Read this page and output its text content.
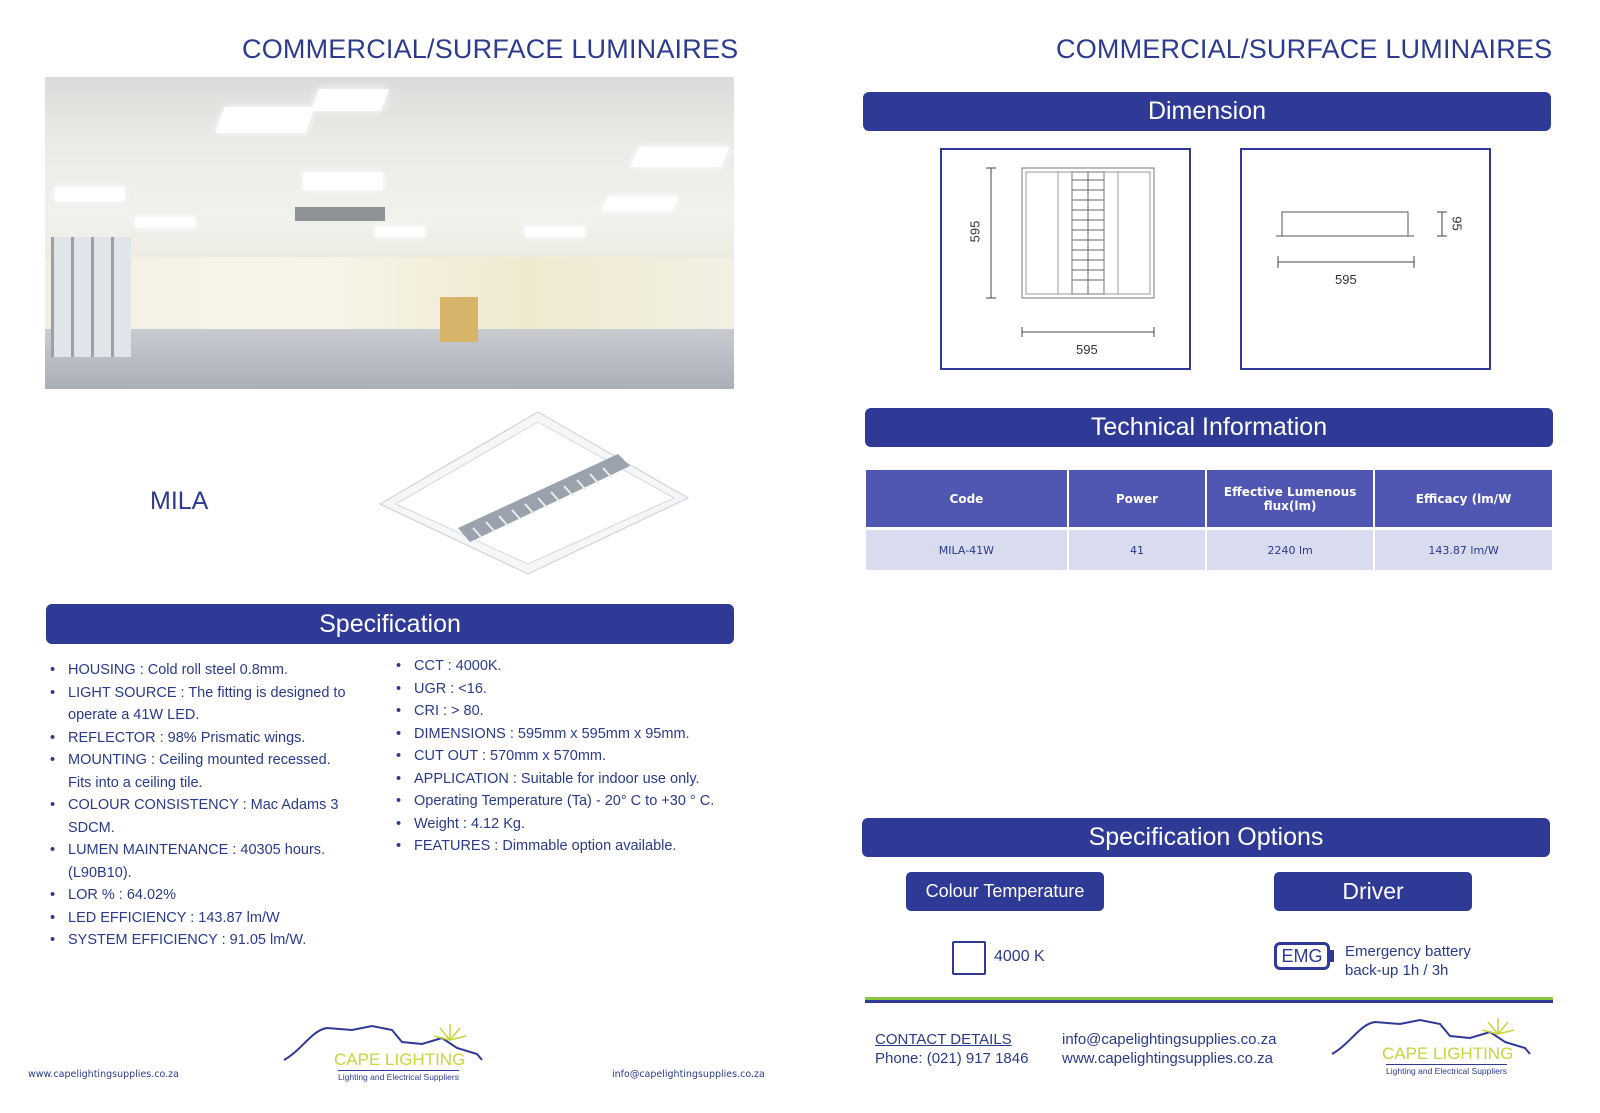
COMMERCIAL/SURFACE LUMINAIRES
MILA
Specification
• HOUSING : Cold roll steel 0.8mm.
• LIGHT SOURCE : The fitting is designed to operate a 41W LED.
• REFLECTOR : 98% Prismatic wings.
• MOUNTING : Ceiling mounted recessed. Fits into a ceiling tile.
• COLOUR CONSISTENCY : Mac Adams 3 SDCM.
• LUMEN MAINTENANCE : 40305 hours. (L90B10).
• LOR % : 64.02%
• LED EFFICIENCY : 143.87 lm/W
• SYSTEM EFFICIENCY : 91.05 lm/W.
• CCT : 4000K.
• UGR : <16.
• CRI : > 80.
• DIMENSIONS : 595mm x 595mm x 95mm.
• CUT OUT : 570mm x 570mm.
• APPLICATION : Suitable for indoor use only.
• Operating Temperature (Ta) - 20° C to +30 ° C.
• Weight : 4.12 Kg.
• FEATURES : Dimmable option available.
www.capelightingsupplies.co.za	info@capelightingsupplies.co.za
CAPE LIGHTING
Lighting and Electrical Suppliers
COMMERCIAL/SURFACE LUMINAIRES
Dimension
595
595
595
95
Technical Information
Code	Power	Effective Lumenous flux(lm)	Efficacy (lm/W
MILA-41W	41	2240 lm	143.87 lm/W
Specification Options
Colour Temperature	Driver
4000 K	EMG	Emergency battery
back-up 1h / 3h
CONTACT DETAILS
Phone: (021) 917 1846
info@capelightingsupplies.co.za
www.capelightingsupplies.co.za	CAPE LIGHTING
Lighting and Electrical Suppliers
